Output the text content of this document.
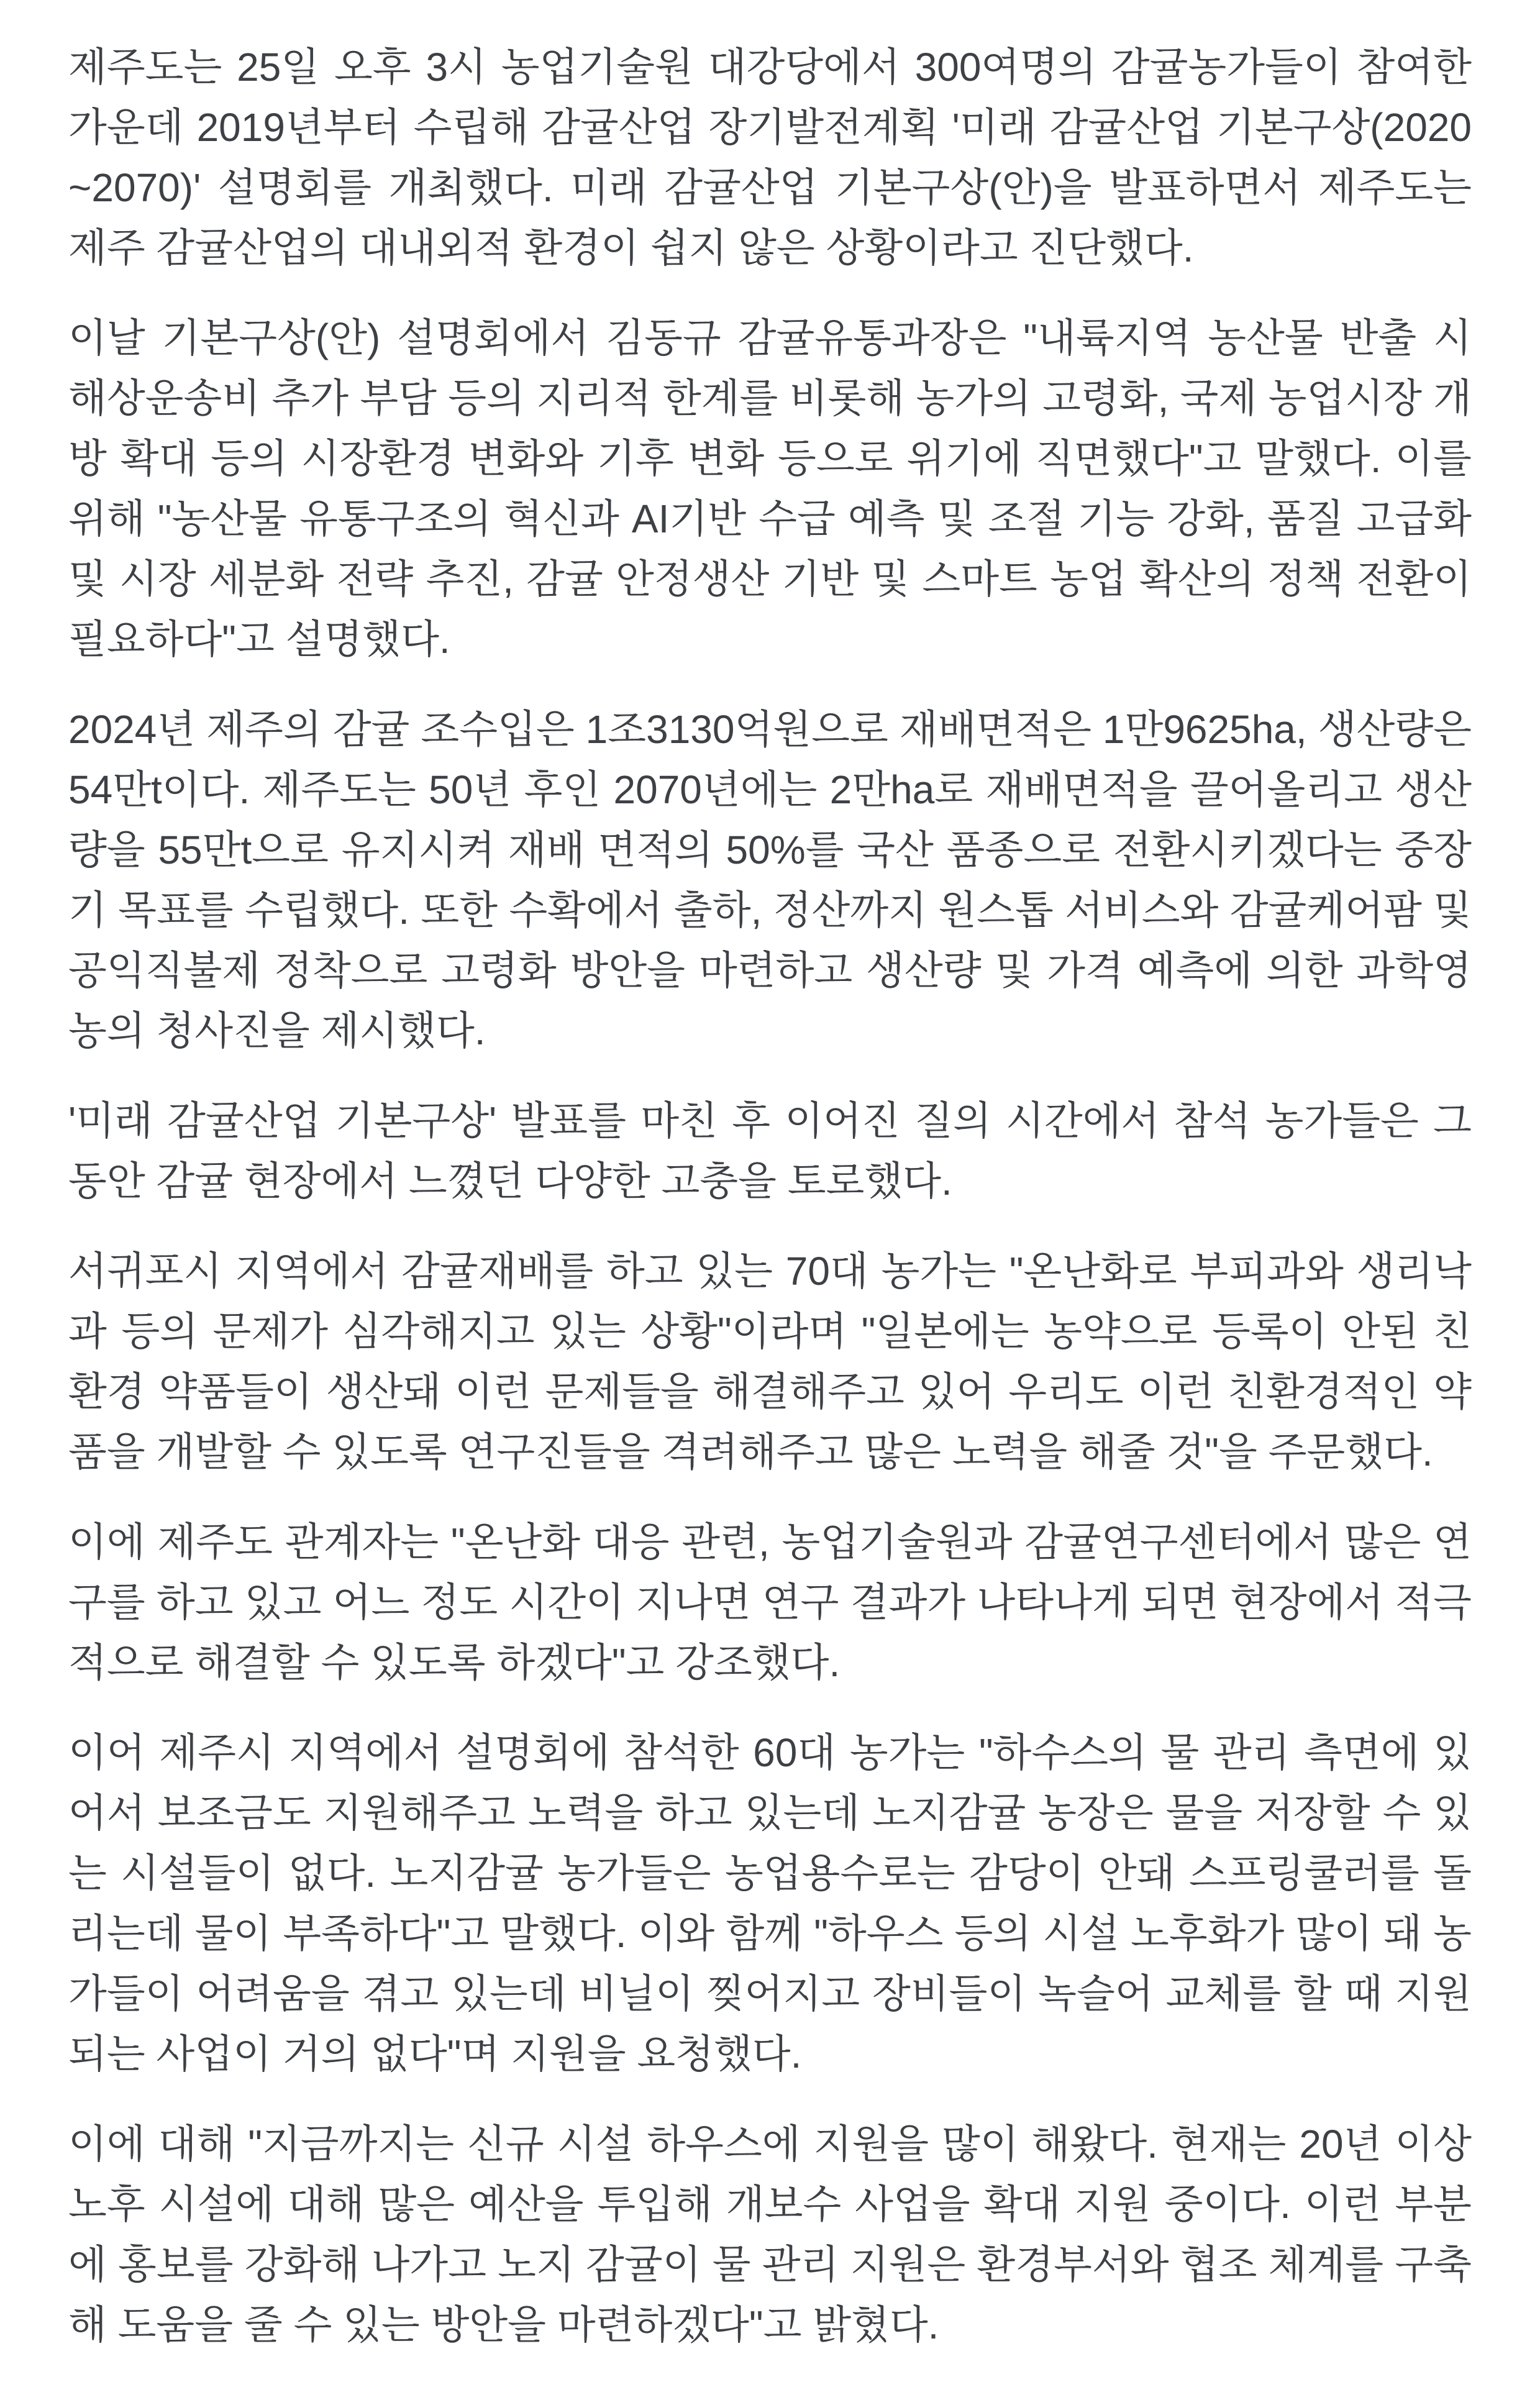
제주도는 25일 오후 3시 농업기술원 대강당에서 300여명의 감귤농가들이 참여한 가운데 2019년부터 수립해 감귤산업 장기발전계획 '미래 감귤산업 기본구상(2020~2070)' 설명회를 개최했다. 미래 감귤산업 기본구상(안)을 발표하면서 제주도는 제주 감귤산업의 대내외적 환경이 쉽지 않은 상황이라고 진단했다.

이날 기본구상(안) 설명회에서 김동규 감귤유통과장은 "내륙지역 농산물 반출 시 해상운송비 추가 부담 등의 지리적 한계를 비롯해 농가의 고령화, 국제 농업시장 개방 확대 등의 시장환경 변화와 기후 변화 등으로 위기에 직면했다"고 말했다. 이를 위해 "농산물 유통구조의 혁신과 AI기반 수급 예측 및 조절 기능 강화, 품질 고급화 및 시장 세분화 전략 추진, 감귤 안정생산 기반 및 스마트 농업 확산의 정책 전환이 필요하다"고 설명했다.

2024년 제주의 감귤 조수입은 1조3130억원으로 재배면적은 1만9625ha, 생산량은 54만t이다. 제주도는 50년 후인 2070년에는 2만ha로 재배면적을 끌어올리고 생산량을 55만t으로 유지시켜 재배 면적의 50%를 국산 품종으로 전환시키겠다는 중장기 목표를 수립했다. 또한 수확에서 출하, 정산까지 원스톱 서비스와 감귤케어팜 및 공익직불제 정착으로 고령화 방안을 마련하고 생산량 및 가격 예측에 의한 과학영농의 청사진을 제시했다.

'미래 감귤산업 기본구상' 발표를 마친 후 이어진 질의 시간에서 참석 농가들은 그동안 감귤 현장에서 느꼈던 다양한 고충을 토로했다.

서귀포시 지역에서 감귤재배를 하고 있는 70대 농가는 "온난화로 부피과와 생리낙과 등의 문제가 심각해지고 있는 상황"이라며 "일본에는 농약으로 등록이 안된 친환경 약품들이 생산돼 이런 문제들을 해결해주고 있어 우리도 이런 친환경적인 약품을 개발할 수 있도록 연구진들을 격려해주고 많은 노력을 해줄 것"을 주문했다.

이에 제주도 관계자는 "온난화 대응 관련, 농업기술원과 감귤연구센터에서 많은 연구를 하고 있고 어느 정도 시간이 지나면 연구 결과가 나타나게 되면 현장에서 적극적으로 해결할 수 있도록 하겠다"고 강조했다.

이어 제주시 지역에서 설명회에 참석한 60대 농가는 "하수스의 물 관리 측면에 있어서 보조금도 지원해주고 노력을 하고 있는데 노지감귤 농장은 물을 저장할 수 있는 시설들이 없다. 노지감귤 농가들은 농업용수로는 감당이 안돼 스프링쿨러를 돌리는데 물이 부족하다"고 말했다. 이와 함께 "하우스 등의 시설 노후화가 많이 돼 농가들이 어려움을 겪고 있는데 비닐이 찢어지고 장비들이 녹슬어 교체를 할 때 지원되는 사업이 거의 없다"며 지원을 요청했다.

이에 대해 "지금까지는 신규 시설 하우스에 지원을 많이 해왔다. 현재는 20년 이상 노후 시설에 대해 많은 예산을 투입해 개보수 사업을 확대 지원 중이다. 이런 부분에 홍보를 강화해 나가고 노지 감귤이 물 관리 지원은 환경부서와 협조 체계를 구축해 도움을 줄 수 있는 방안을 마련하겠다"고 밝혔다.
